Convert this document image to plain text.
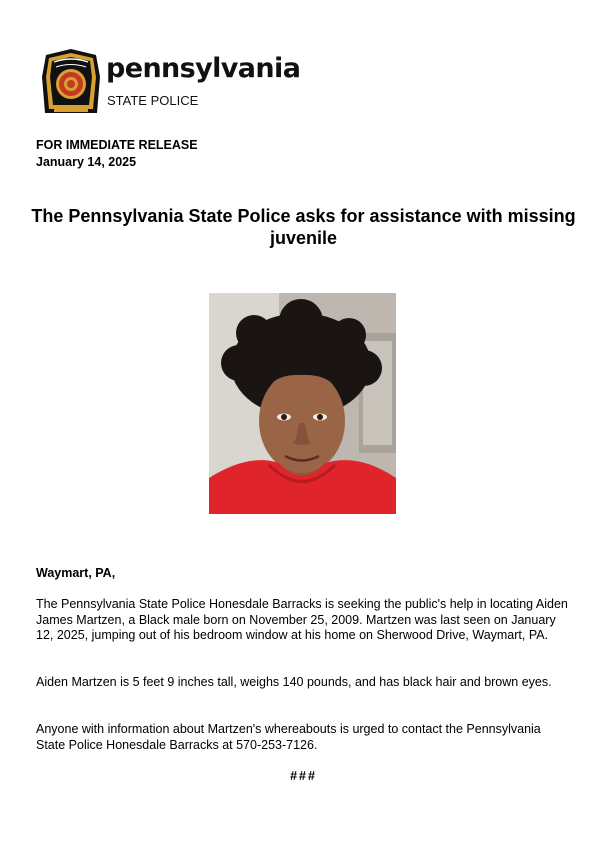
pennsylvania
STATE POLICE
FOR IMMEDIATE RELEASE
January 14, 2025
The Pennsylvania State Police asks for assistance with missing juvenile

Waymart, PA,

The Pennsylvania State Police Honesdale Barracks is seeking the public's help in locating Aiden James Martzen, a Black male born on November 25, 2009. Martzen was last seen on January 12, 2025, jumping out of his bedroom window at his home on Sherwood Drive, Waymart, PA.

Aiden Martzen is 5 feet 9 inches tall, weighs 140 pounds, and has black hair and brown eyes.

Anyone with information about Martzen's whereabouts is urged to contact the Pennsylvania State Police Honesdale Barracks at 570-253-7126.

###
